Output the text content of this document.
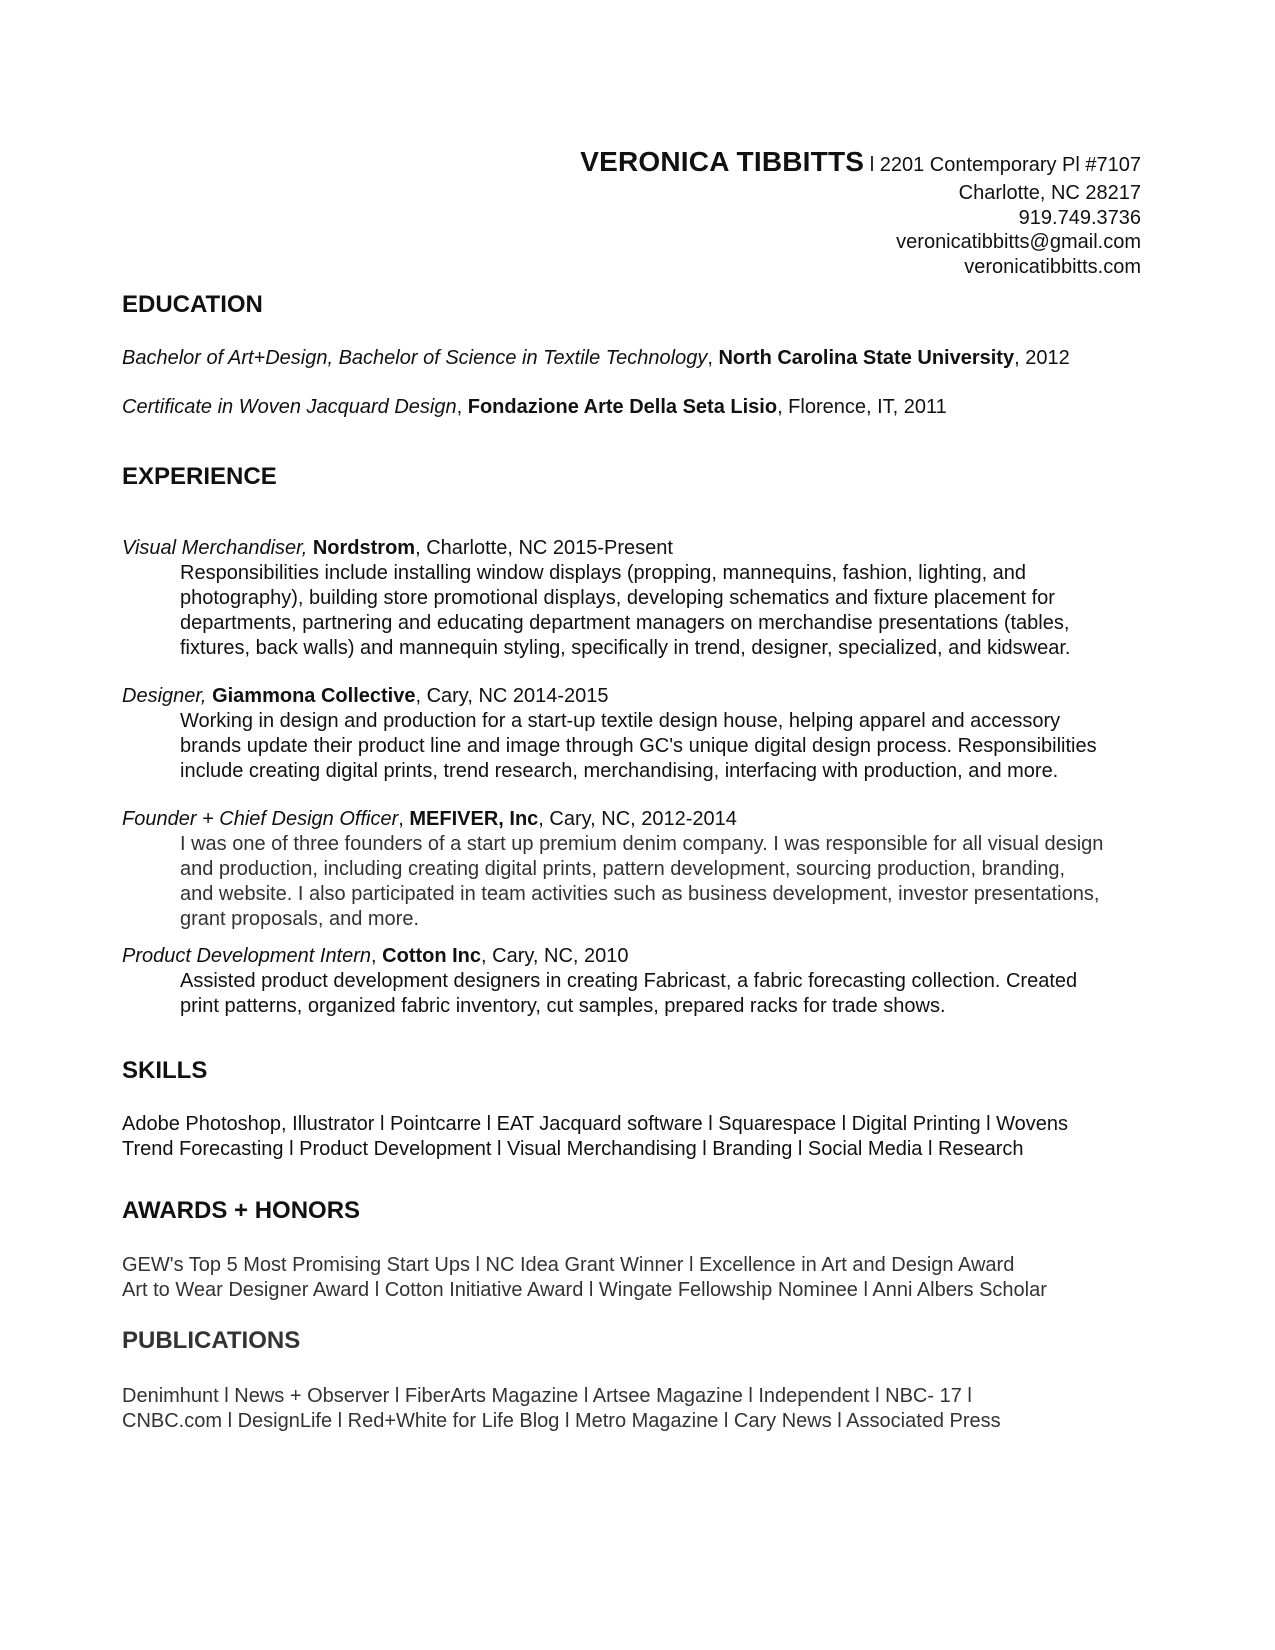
VERONICA TIBBITTS l 2201 Contemporary Pl #7107
Charlotte, NC 28217
919.749.3736
veronicatibbitts@gmail.com
veronicatibbitts.com
EDUCATION
Bachelor of Art+Design, Bachelor of Science in Textile Technology, North Carolina State University, 2012
Certificate in Woven Jacquard Design, Fondazione Arte Della Seta Lisio, Florence, IT, 2011
EXPERIENCE
Visual Merchandiser, Nordstrom, Charlotte, NC 2015-Present
Responsibilities include installing window displays (propping, mannequins, fashion, lighting, and
photography), building store promotional displays, developing schematics and fixture placement for
departments, partnering and educating department managers on merchandise presentations (tables,
fixtures, back walls) and mannequin styling, specifically in trend, designer, specialized, and kidswear.
Designer, Giammona Collective, Cary, NC 2014-2015
Working in design and production for a start-up textile design house, helping apparel and accessory
brands update their product line and image through GC's unique digital design process. Responsibilities
include creating digital prints, trend research, merchandising, interfacing with production, and more.
Founder + Chief Design Officer, MEFIVER, Inc, Cary, NC, 2012-2014
I was one of three founders of a start up premium denim company. I was responsible for all visual design
and production, including creating digital prints, pattern development, sourcing production, branding,
and website. I also participated in team activities such as business development, investor presentations,
grant proposals, and more.
Product Development Intern, Cotton Inc, Cary, NC, 2010
Assisted product development designers in creating Fabricast, a fabric forecasting collection. Created
print patterns, organized fabric inventory, cut samples, prepared racks for trade shows.
SKILLS
Adobe Photoshop, Illustrator l Pointcarre l EAT Jacquard software l Squarespace l Digital Printing l Wovens
Trend Forecasting l Product Development l Visual Merchandising l Branding l Social Media l Research
AWARDS + HONORS
GEW's Top 5 Most Promising Start Ups l NC Idea Grant Winner l Excellence in Art and Design Award
Art to Wear Designer Award l Cotton Initiative Award l Wingate Fellowship Nominee l Anni Albers Scholar
PUBLICATIONS
Denimhunt l News + Observer l FiberArts Magazine l Artsee Magazine l Independent l NBC- 17 l
CNBC.com l DesignLife l Red+White for Life Blog l Metro Magazine l Cary News l Associated Press
